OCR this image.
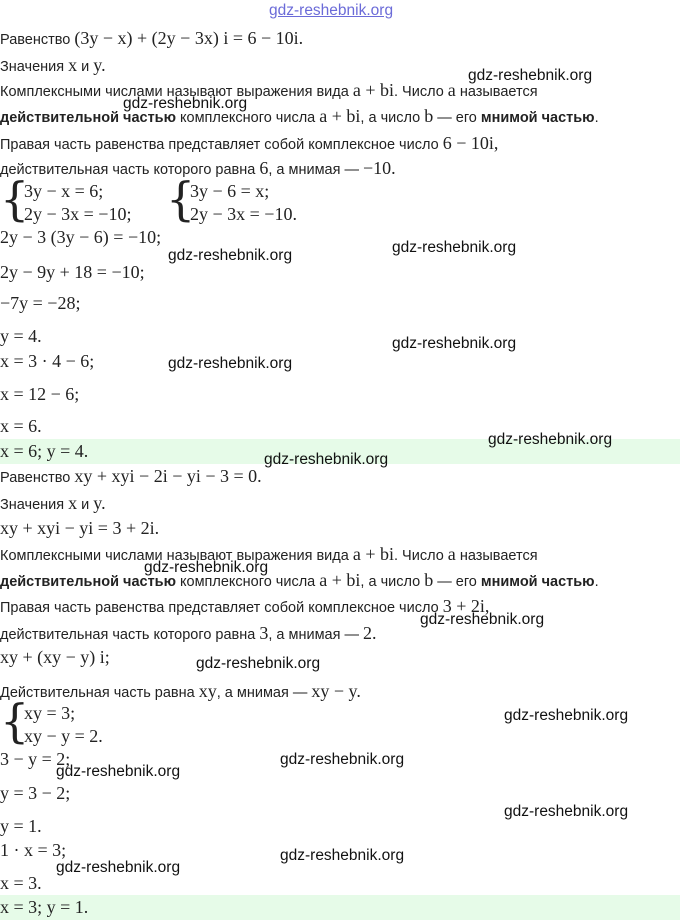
Равенство (3y − x) + (2y − 3x) i = 6 − 10i.
Значения x и y.
Комплексными числами называют выражения вида a + bi. Число a называется
действительной частью комплексного числа a + bi, а число b — его мнимой частью.
Правая часть равенства представляет собой комплексное число 6 − 10i,
действительная часть которого равна 6, а мнимая — −10.
{
3y − x = 6;
2y − 3x = −10; {
3y − 6 = x;
2y − 3x = −10.
2y − 3 (3y − 6) = −10;
2y − 9y + 18 = −10;
−7y = −28;
y = 4.
x = 3 · 4 − 6;
x = 12 − 6;
x = 6.
x = 6; y = 4.
Равенство xy + xyi − 2i − yi − 3 = 0.
Значения x и y.
xy + xyi − yi = 3 + 2i.
Комплексными числами называют выражения вида a + bi. Число a называется
действительной частью комплексного числа a + bi, а число b — его мнимой частью.
Правая часть равенства представляет собой комплексное число 3 + 2i,
действительная часть которого равна 3, а мнимая — 2.
xy + (xy − y) i;
Действительная часть равна xy, а мнимая — xy − y.
{
xy = 3;
xy − y = 2.
3 − y = 2;
y = 3 − 2;
y = 1.
1 · x = 3;
x = 3.
x = 3; y = 1.
gdz-reshebnik.org
gdz-reshebnik.org
gdz-reshebnik.org
gdz-reshebnik.org
gdz-reshebnik.org
gdz-reshebnik.org
gdz-reshebnik.org
gdz-reshebnik.org
gdz-reshebnik.org
gdz-reshebnik.org
gdz-reshebnik.org
gdz-reshebnik.org
gdz-reshebnik.org
gdz-reshebnik.org
gdz-reshebnik.org
gdz-reshebnik.org
gdz-reshebnik.org
gdz-reshebnik.org
